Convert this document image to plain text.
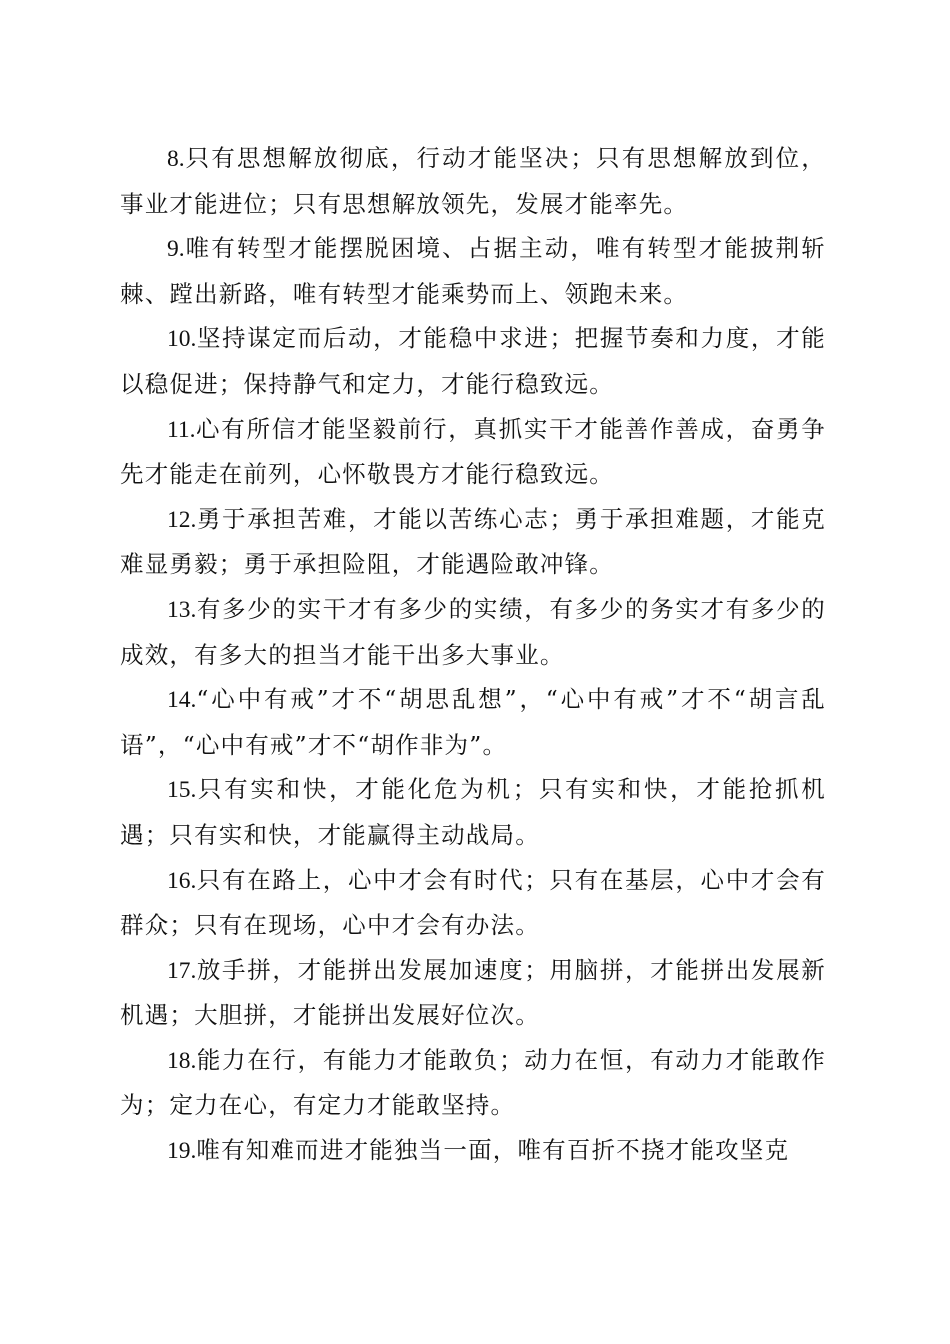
8.只有思想解放彻底，行动才能坚决；只有思想解放到位，事业才能进位；只有思想解放领先，发展才能率先。

9.唯有转型才能摆脱困境、占据主动，唯有转型才能披荆斩棘、蹚出新路，唯有转型才能乘势而上、领跑未来。

10.坚持谋定而后动，才能稳中求进；把握节奏和力度，才能以稳促进；保持静气和定力，才能行稳致远。

11.心有所信才能坚毅前行，真抓实干才能善作善成，奋勇争先才能走在前列，心怀敬畏方才能行稳致远。

12.勇于承担苦难，才能以苦练心志；勇于承担难题，才能克难显勇毅；勇于承担险阻，才能遇险敢冲锋。

13.有多少的实干才有多少的实绩，有多少的务实才有多少的成效，有多大的担当才能干出多大事业。

14.“心中有戒”才不“胡思乱想”，“心中有戒”才不“胡言乱语”，“心中有戒”才不“胡作非为”。

15.只有实和快，才能化危为机；只有实和快，才能抢抓机遇；只有实和快，才能赢得主动战局。

16.只有在路上，心中才会有时代；只有在基层，心中才会有群众；只有在现场，心中才会有办法。

17.放手拼，才能拼出发展加速度；用脑拼，才能拼出发展新机遇；大胆拼，才能拼出发展好位次。

18.能力在行，有能力才能敢负；动力在恒，有动力才能敢作为；定力在心，有定力才能敢坚持。

19.唯有知难而进才能独当一面，唯有百折不挠才能攻坚克
